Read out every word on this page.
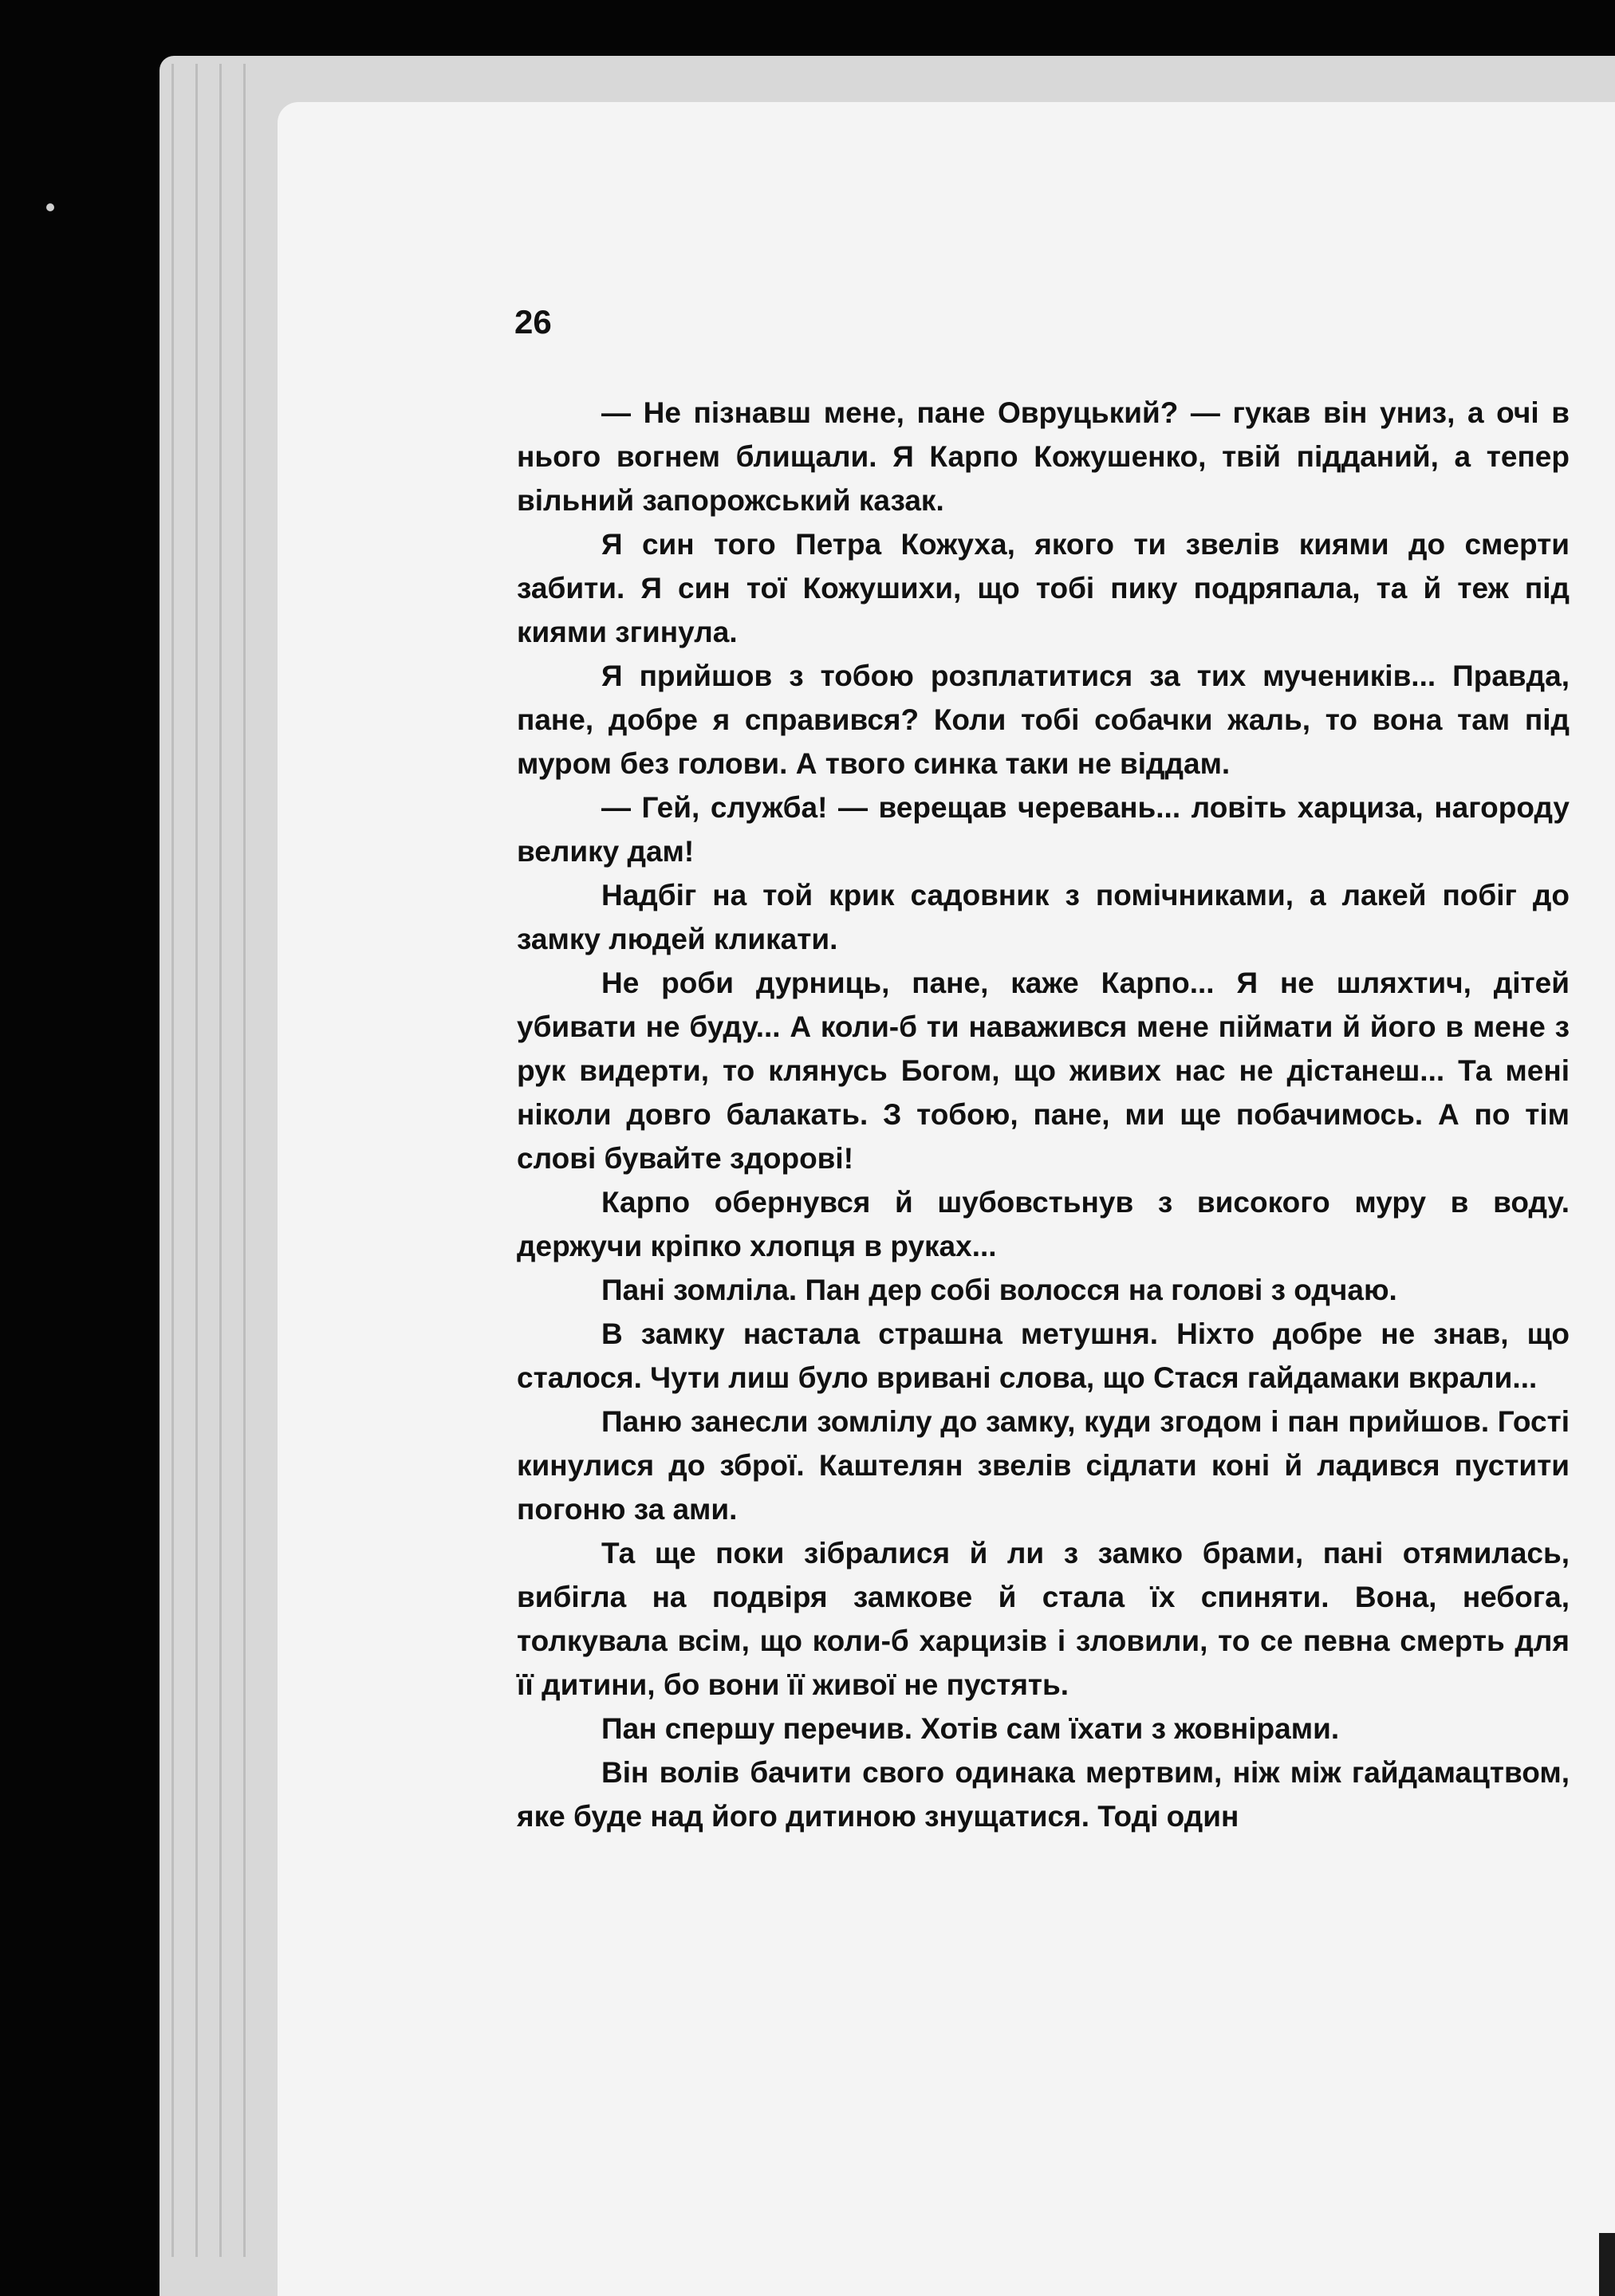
26

— Не пізнавш мене, пане Овруцький? — гукав він униз, а очі в нього вогнем блищали. Я Карпо Кожушенко, твій підданий, а тепер вільний запорожський казак.

Я син того Петра Кожуха, якого ти звелів киями до смерти забити. Я син тої Кожушихи, що тобі пику подряпала, та й теж під киями згинула.

Я прийшов з тобою розплатитися за тих мучеників... Правда, пане, добре я справився? Коли тобі собачки жаль, то вона там під муром без голови. А твого синка таки не віддам.

— Гей, служба! — верещав черевань... ловіть харциза, нагороду велику дам!

Надбіг на той крик садовник з помічниками, а лакей побіг до замку людей кликати.

Не роби дурниць, пане, каже Карпо... Я не шляхтич, дітей убивати не буду... А коли-б ти наважився мене піймати й його в мене з рук видерти, то клянусь Богом, що живих нас не дістанеш... Та мені ніколи довго балакать. З тобою, пане, ми ще побачимось. А по тім слові бувайте здорові!

Карпо обернувся й шубовстьнув з високого муру в воду. держучи кріпко хлопця в руках...

Пані зомліла. Пан дер собі волосся на голові з одчаю.

В замку настала страшна метушня. Ніхто добре не знав, що сталося. Чути лиш було вривані слова, що Стася гайдамаки вкрали...

Паню занесли зомлілу до замку, куди згодом і пан прийшов. Гості кинулися до зброї. Каштелян звелів сідлати коні й ладився пустити погоню за ами.

Та ще поки зібралися й ли з замко брами, пані отямилась, вибігла на подвіря замкове й стала їх спиняти. Вона, небога, толкувала всім, що коли-б харцизів і зловили, то се певна смерть для її дитини, бо вони її живої не пустять.

Пан спершу перечив. Хотів сам їхати з жовнірами.

Він волів бачити свого одинака мертвим, ніж між гайдамацтвом, яке буде над його дитиною знущатися. Тоді один
